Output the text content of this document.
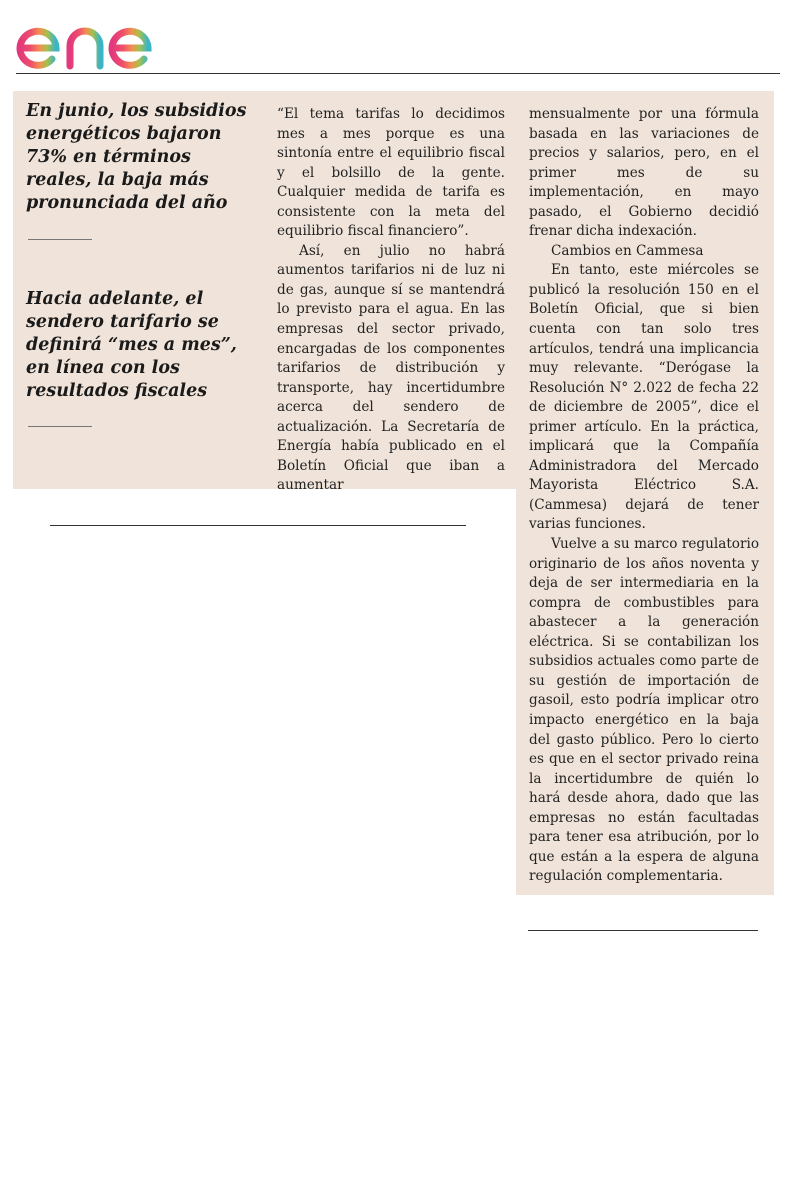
En junio, los subsidios energéticos bajaron 73% en términos reales, la baja más pronunciada del año

Hacia adelante, el sendero tarifario se definirá “mes a mes”, en línea con los resultados fiscales

“El tema tarifas lo decidimos mes a mes porque es una sintonía entre el equilibrio fiscal y el bolsillo de la gente. Cualquier medida de tarifa es consistente con la meta del equilibrio fiscal financiero”.

Así, en julio no habrá aumentos tarifarios ni de luz ni de gas, aunque sí se mantendrá lo previsto para el agua. En las empresas del sector privado, encargadas de los componentes tarifarios de distribución y transporte, hay incertidumbre acerca del sendero de actualización. La Secretaría de Energía había publicado en el Boletín Oficial que iban a aumentar

mensualmente por una fórmula basada en las variaciones de precios y salarios, pero, en el primer mes de su implementación, en mayo pasado, el Gobierno decidió frenar dicha indexación.

Cambios en Cammesa

En tanto, este miércoles se publicó la resolución 150 en el Boletín Oficial, que si bien cuenta con tan solo tres artículos, tendrá una implicancia muy relevante. “Derógase la Resolución N° 2.022 de fecha 22 de diciembre de 2005”, dice el primer artículo. En la práctica, implicará que la Compañía Administradora del Mercado Mayorista Eléctrico S.A. (Cammesa) dejará de tener varias funciones.

Vuelve a su marco regulatorio originario de los años noventa y deja de ser intermediaria en la compra de combustibles para abastecer a la generación eléctrica. Si se contabilizan los subsidios actuales como parte de su gestión de importación de gasoil, esto podría implicar otro impacto energético en la baja del gasto público. Pero lo cierto es que en el sector privado reina la incertidumbre de quién lo hará desde ahora, dado que las empresas no están facultadas para tener esa atribución, por lo que están a la espera de alguna regulación complementaria.
